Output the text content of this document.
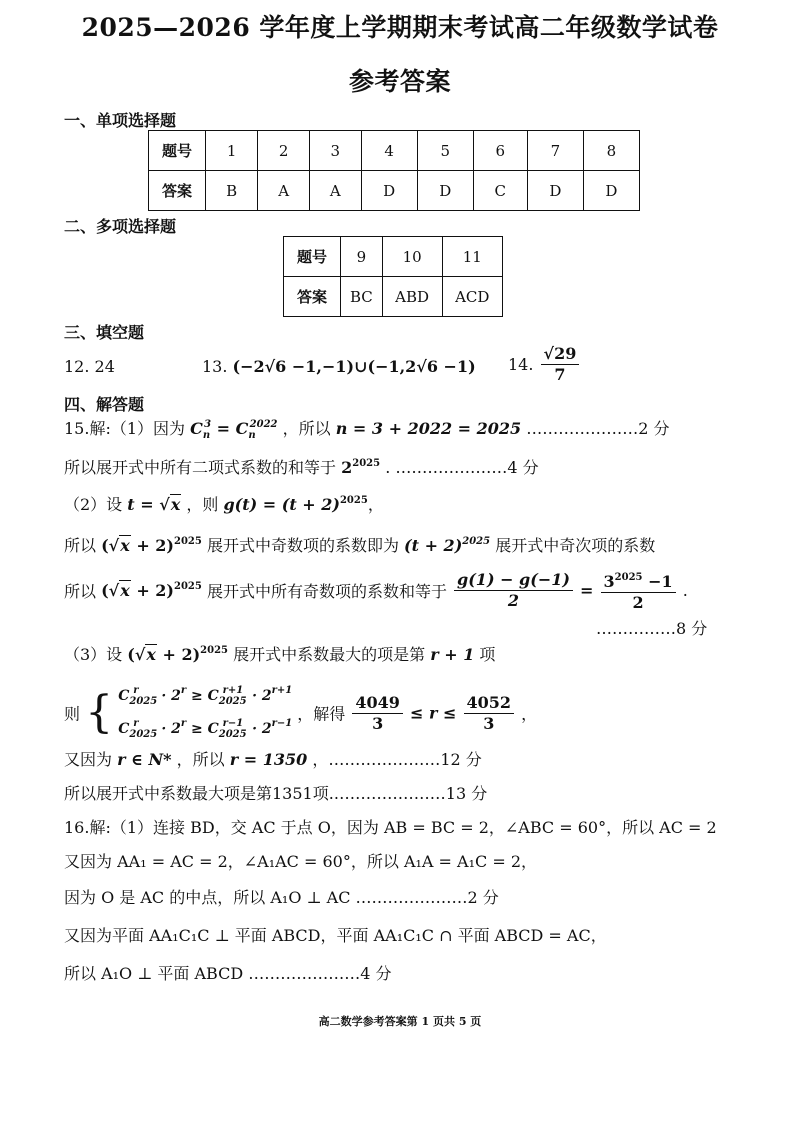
2025—2026 学年度上学期期末考试高二年级数学试卷
参考答案
一、单项选择题
题号	1	2	3	4	5	6	7	8
答案	B	A	A	D	D	C	D	D
二、多项选择题
题号	9	10	11
答案	BC	ABD	ACD
三、填空题
12. 24	13. (−2√6 −1,−1)∪(−1,2√6 −1) 14. $\frac{√29}{7}$
四、解答题
15.解:（1）因为 $C_n^3 = C_n^{2022}$ ，所以 n = 3 + 2022 = 2025 …………………2 分
所以展开式中所有二项式系数的和等于 $2^{2025}$ . …………………4 分
（2）设 t = √x ，则 $g(t) = (t + 2)^{2025}$，
所以 $(√x + 2)^{2025}$ 展开式中奇数项的系数即为 $(t + 2)^{2025}$ 展开式中奇次项的系数
所以 $(√x + 2)^{2025}$ 展开式中所有奇数项的系数和等于 $\frac{g(1) - g(-1)}{2} = \frac{3^{2025} -1}{2}$ .
……………8 分
（3）设 $(√x + 2)^{2025}$ 展开式中系数最大的项是第 r + 1 项
则 { $C_{2025}^r \cdot 2^r \ge C_{2025}^{r+1} \cdot 2^{r+1}$
$C_{2025}^r \cdot 2^r \ge C_{2025}^{r-1} \cdot 2^{r-1}$ ，解得 $\frac{4049}{3} \le r \le \frac{4052}{3}$ ，
又因为 r ∈ N* ，所以 r = 1350 ，…………………12 分
所以展开式中系数最大项是第1351项.…………………13 分
16.解:（1）连接 BD，交 AC 于点 O，因为 AB = BC = 2，∠ABC = 60°，所以 AC = 2
又因为 AA₁ = AC = 2，∠A₁AC = 60°，所以 A₁A = A₁C = 2，
因为 O 是 AC 的中点，所以 A₁O ⊥ AC …………………2 分
又因为平面 AA₁C₁C ⊥ 平面 ABCD，平面 AA₁C₁C ∩ 平面 ABCD = AC，
所以 A₁O ⊥ 平面 ABCD …………………4 分
高二数学参考答案第 1 页共 5 页
